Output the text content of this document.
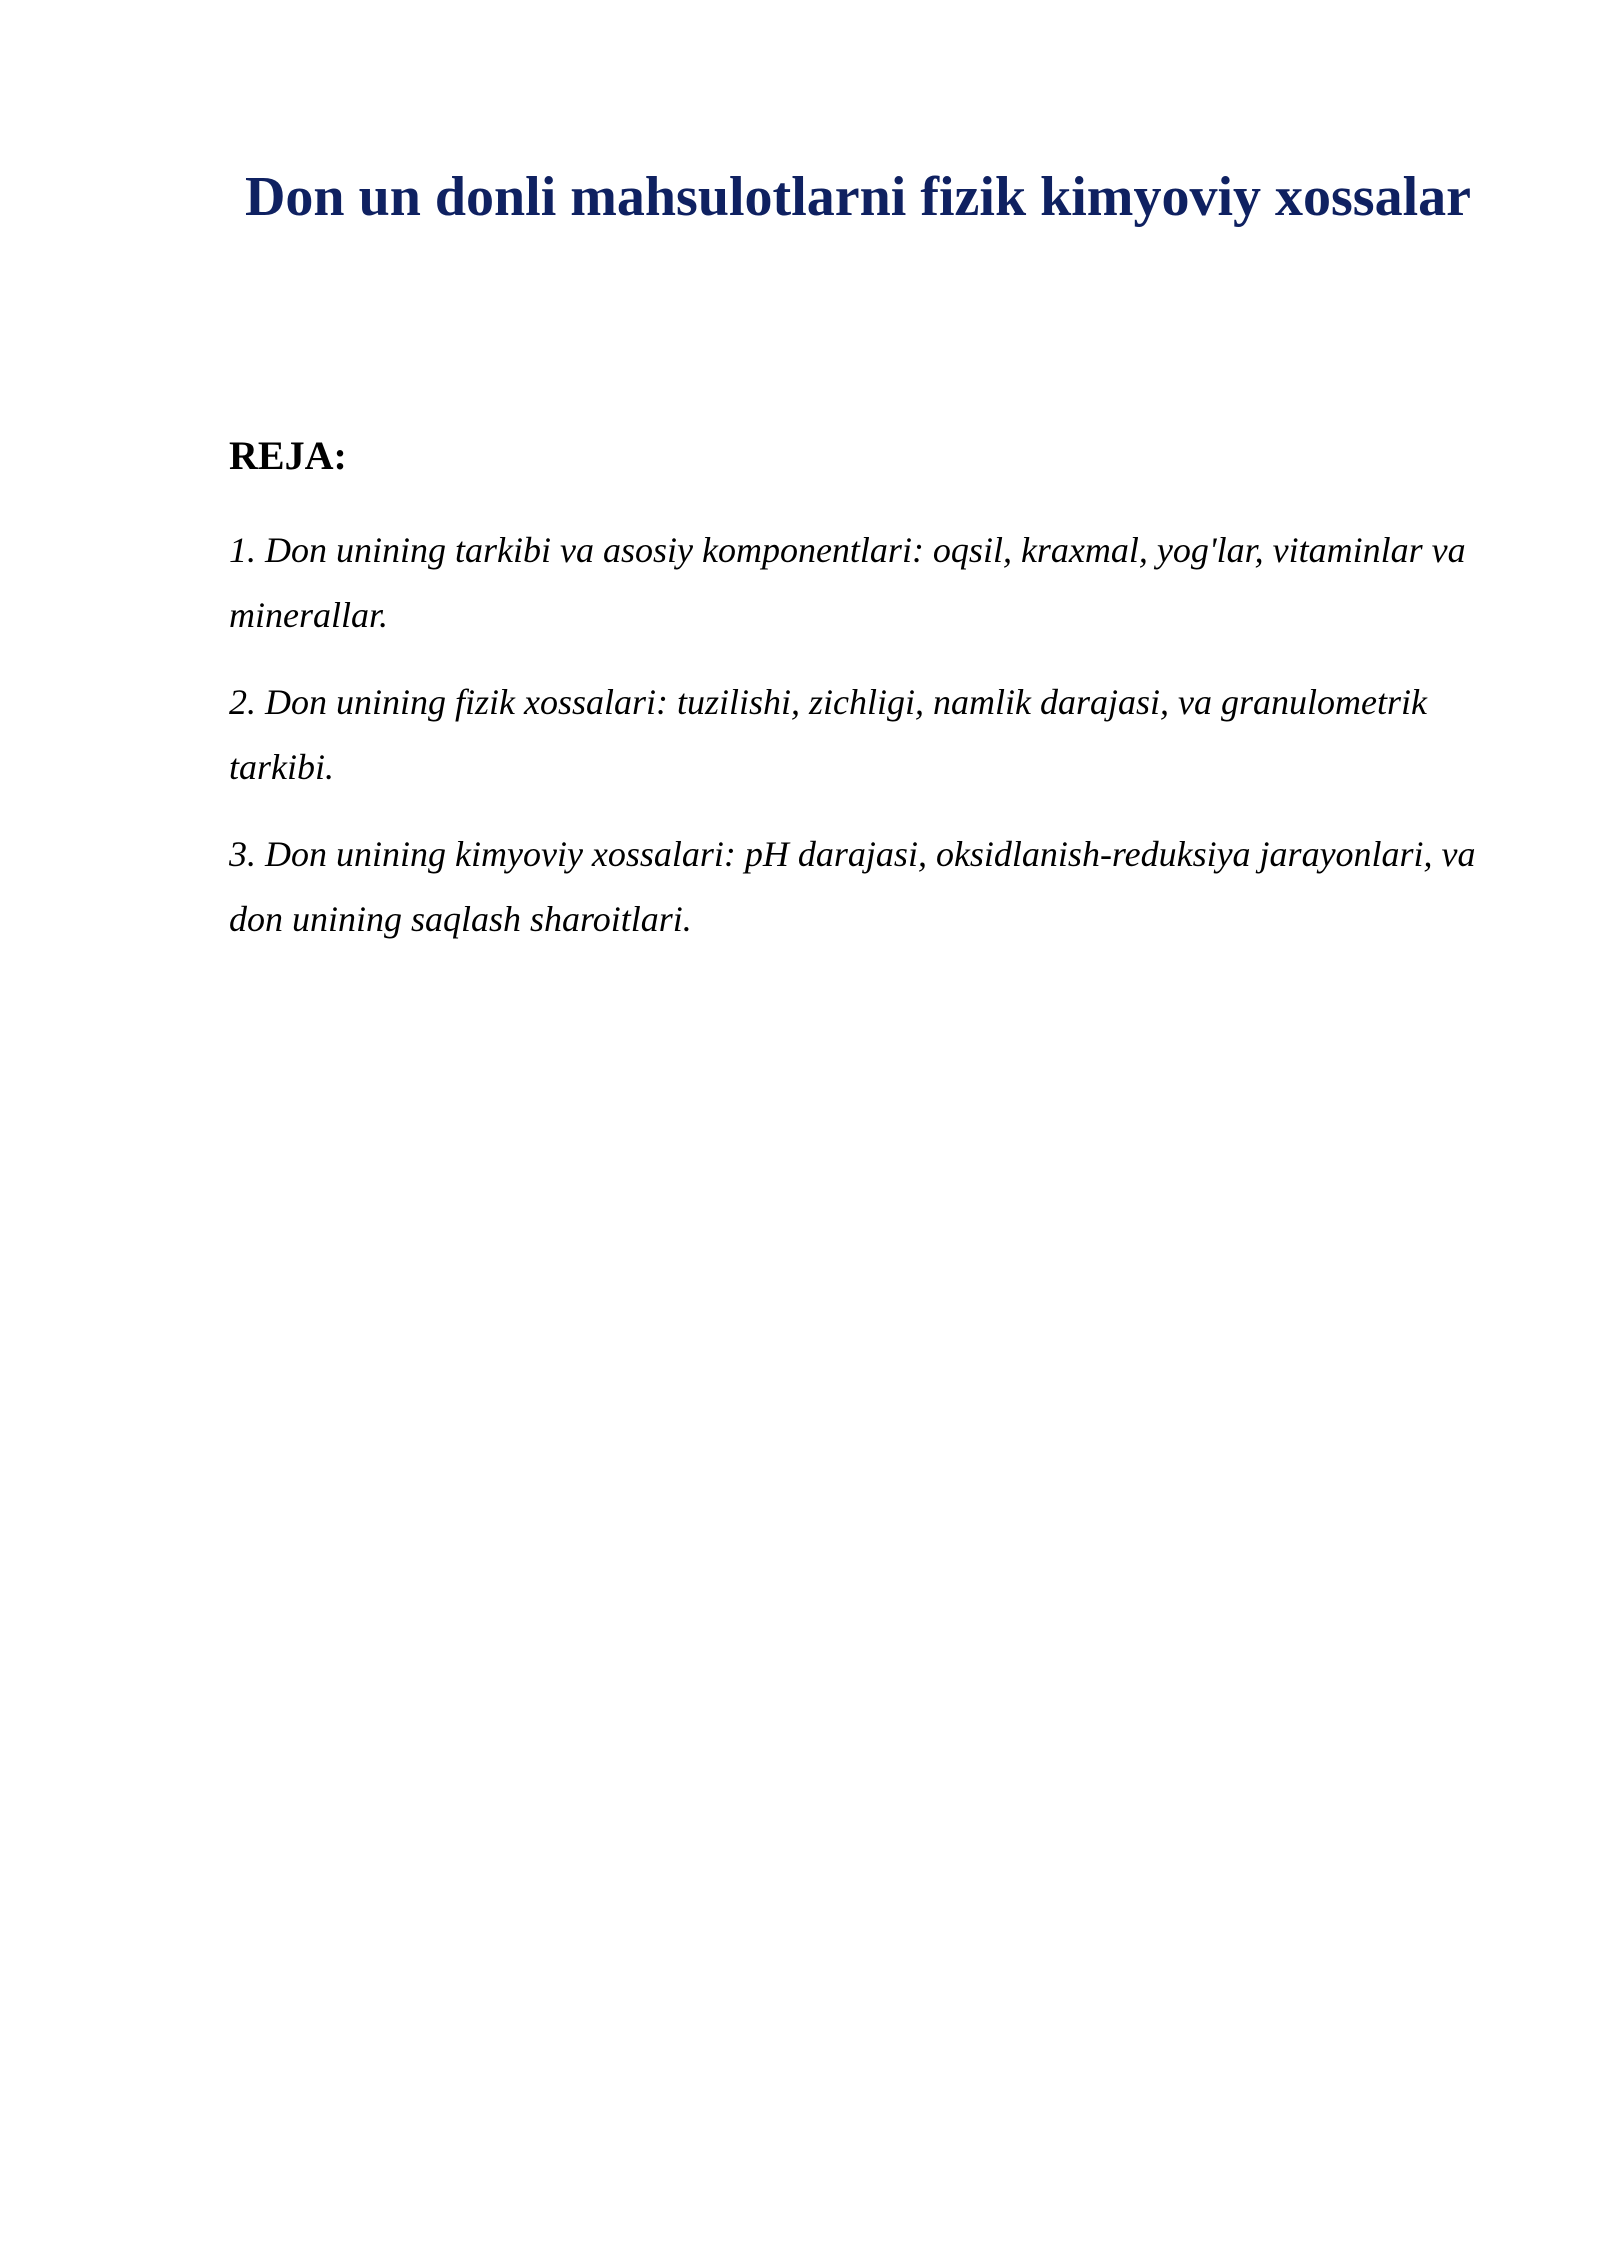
Don un donli mahsulotlarni fizik kimyoviy xossalar
REJA:
1. Don unining tarkibi va asosiy komponentlari: oqsil, kraxmal, yog'lar, vitaminlar va minerallar.
2. Don unining fizik xossalari: tuzilishi, zichligi, namlik darajasi, va granulometrik tarkibi.
3. Don unining kimyoviy xossalari: pH darajasi, oksidlanish-reduksiya jarayonlari, va don unining saqlash sharoitlari.
